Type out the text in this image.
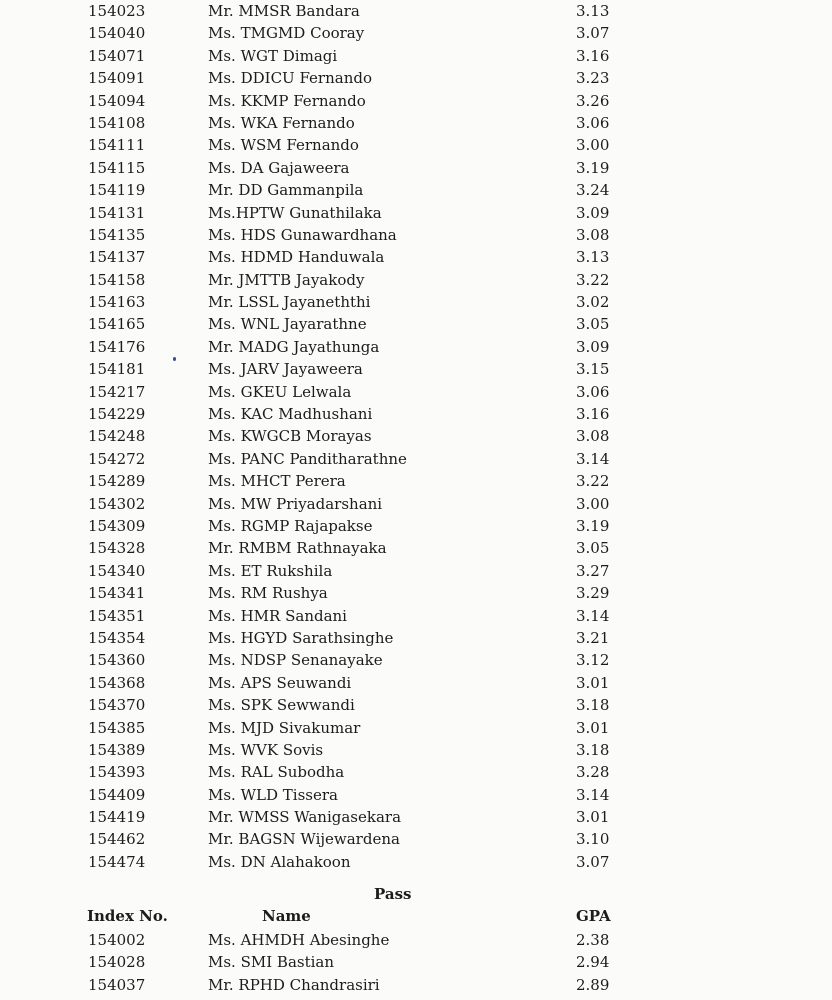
154023	Mr. MMSR Bandara	3.13
154040	Ms. TMGMD Cooray	3.07
154071	Ms. WGT Dimagi	3.16
154091	Ms. DDICU Fernando	3.23
154094	Ms. KKMP Fernando	3.26
154108	Ms. WKA Fernando	3.06
154111	Ms. WSM Fernando	3.00
154115	Ms. DA Gajaweera	3.19
154119	Mr. DD Gammanpila	3.24
154131	Ms.HPTW Gunathilaka	3.09
154135	Ms. HDS Gunawardhana	3.08
154137	Ms. HDMD Handuwala	3.13
154158	Mr. JMTTB Jayakody	3.22
154163	Mr. LSSL Jayaneththi	3.02
154165	Ms. WNL Jayarathne	3.05
154176	Mr. MADG Jayathunga	3.09
154181	Ms. JARV Jayaweera	3.15
154217	Ms. GKEU Lelwala	3.06
154229	Ms. KAC Madhushani	3.16
154248	Ms. KWGCB Morayas	3.08
154272	Ms. PANC Panditharathne	3.14
154289	Ms. MHCT Perera	3.22
154302	Ms. MW Priyadarshani	3.00
154309	Ms. RGMP Rajapakse	3.19
154328	Mr. RMBM Rathnayaka	3.05
154340	Ms. ET Rukshila	3.27
154341	Ms. RM Rushya	3.29
154351	Ms. HMR Sandani	3.14
154354	Ms. HGYD Sarathsinghe	3.21
154360	Ms. NDSP Senanayake	3.12
154368	Ms. APS Seuwandi	3.01
154370	Ms. SPK Sewwandi	3.18
154385	Ms. MJD Sivakumar	3.01
154389	Ms. WVK Sovis	3.18
154393	Ms. RAL Subodha	3.28
154409	Ms. WLD Tissera	3.14
154419	Mr. WMSS Wanigasekara	3.01
154462	Mr. BAGSN Wijewardena	3.10
154474	Ms. DN Alahakoon	3.07
Pass
Index No.	Name	GPA
154002	Ms. AHMDH Abesinghe	2.38
154028	Ms. SMI Bastian	2.94
154037	Mr. RPHD Chandrasiri	2.89
